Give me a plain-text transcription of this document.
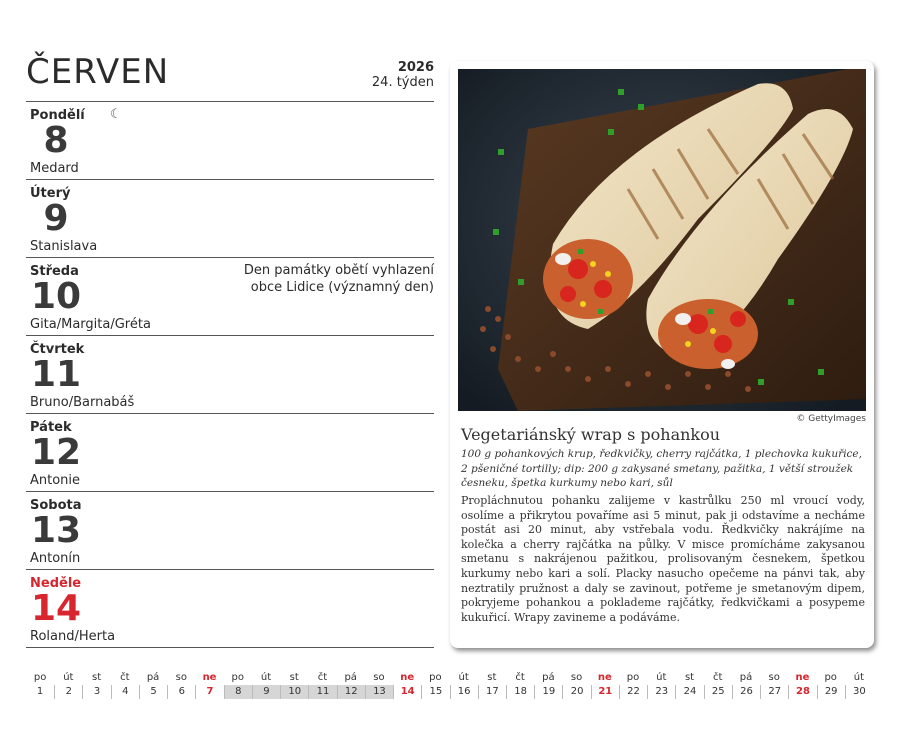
ČERVEN	2026
24. týden
Pondělí ☾
8
Medard
Úterý
9
Stanislava
Středa
10
Gita/Margita/Gréta
Den památky obětí vyhlazení obce Lidice (významný den)
Čtvrtek
11
Bruno/Barnabáš
Pátek
12
Antonie
Sobota
13
Antonín
Neděle
14
Roland/Herta
© GettyImages
Vegetariánský wrap s pohankou
100 g pohankových krup, ředkvičky, cherry rajčátka, 1 plechovka kukuřice, 2 pšeničné tortilly; dip: 200 g zakysané smetany, pažitka, 1 větší stroužek česneku, špetka kurkumy nebo kari, sůl
Propláchnutou pohanku zalijeme v kastrůlku 250 ml vroucí vody, osolíme a přikrytou povaříme asi 5 minut, pak ji odstavíme a necháme postát asi 20 minut, aby vstřebala vodu. Ředkvičky nakrájíme na kolečka a cherry rajčátka na půlky. V misce promícháme zakysanou smetanu s nakrájenou pažitkou, prolisovaným česnekem, špetkou kurkumy nebo kari a solí. Placky nasucho opečeme na pánvi tak, aby neztratily pružnost a daly se zavinout, potřeme je smetanovým dipem, pokryjeme pohankou a poklademe rajčátky, ředkvičkami a posypeme kukuřicí. Wrapy zavineme a podáváme.
po
1
út
2
st
3
čt
4
pá
5
so
6
ne
7
po
8
út
9
st
10
čt
11
pá
12
so
13
ne
14
po
15
út
16
st
17
čt
18
pá
19
so
20
ne
21
po
22
út
23
st
24
čt
25
pá
26
so
27
ne
28
po
29
út
30
